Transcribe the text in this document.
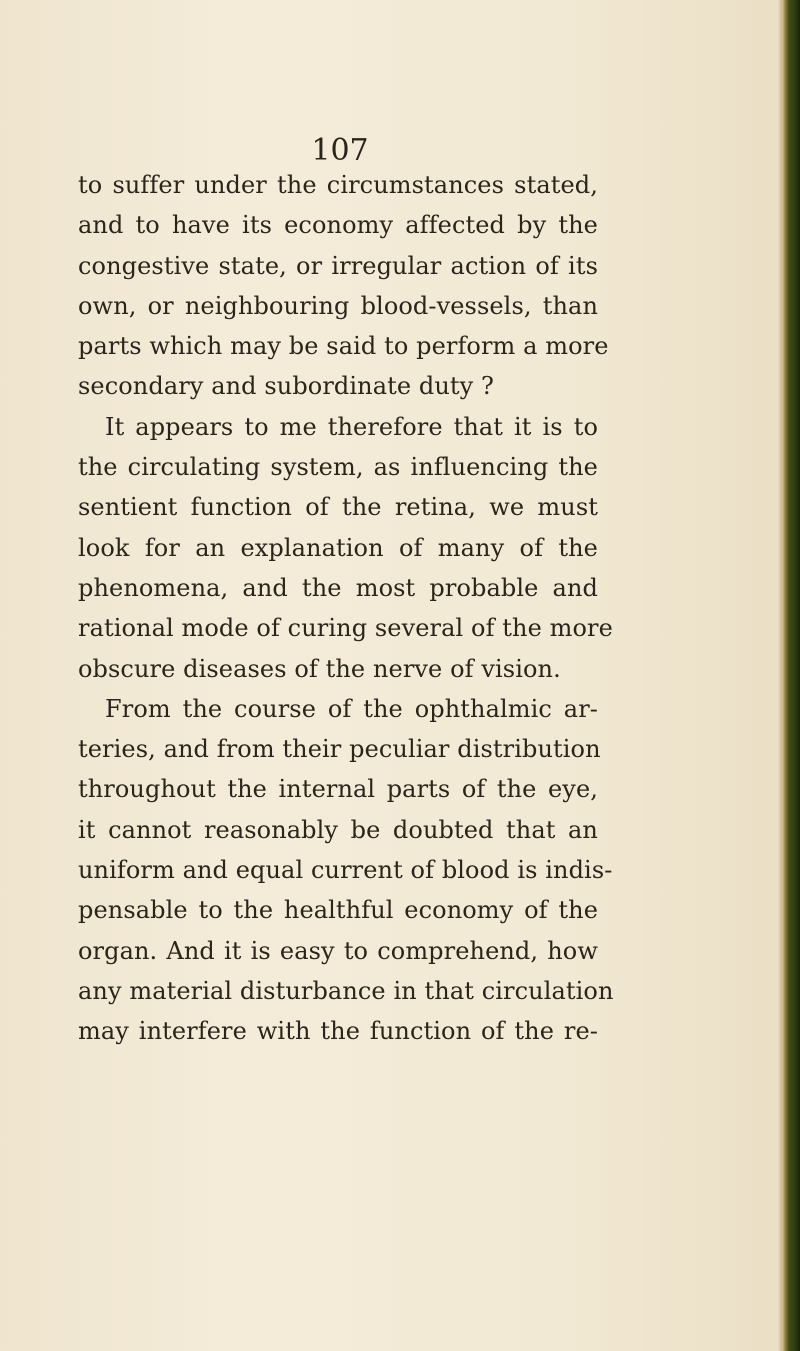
107
to suffer under the circumstances stated,
and to have its economy affected by the
congestive state, or irregular action of its
own, or neighbouring blood-vessels, than
parts which may be said to perform a more
secondary and subordinate duty ?
It appears to me therefore that it is to
the circulating system, as influencing the
sentient function of the retina, we must
look for an explanation of many of the
phenomena, and the most probable and
rational mode of curing several of the more
obscure diseases of the nerve of vision.
From the course of the ophthalmic ar-
teries, and from their peculiar distribution
throughout the internal parts of the eye,
it cannot reasonably be doubted that an
uniform and equal current of blood is indis-
pensable to the healthful economy of the
organ. And it is easy to comprehend, how
any material disturbance in that circulation
may interfere with the function of the re-
